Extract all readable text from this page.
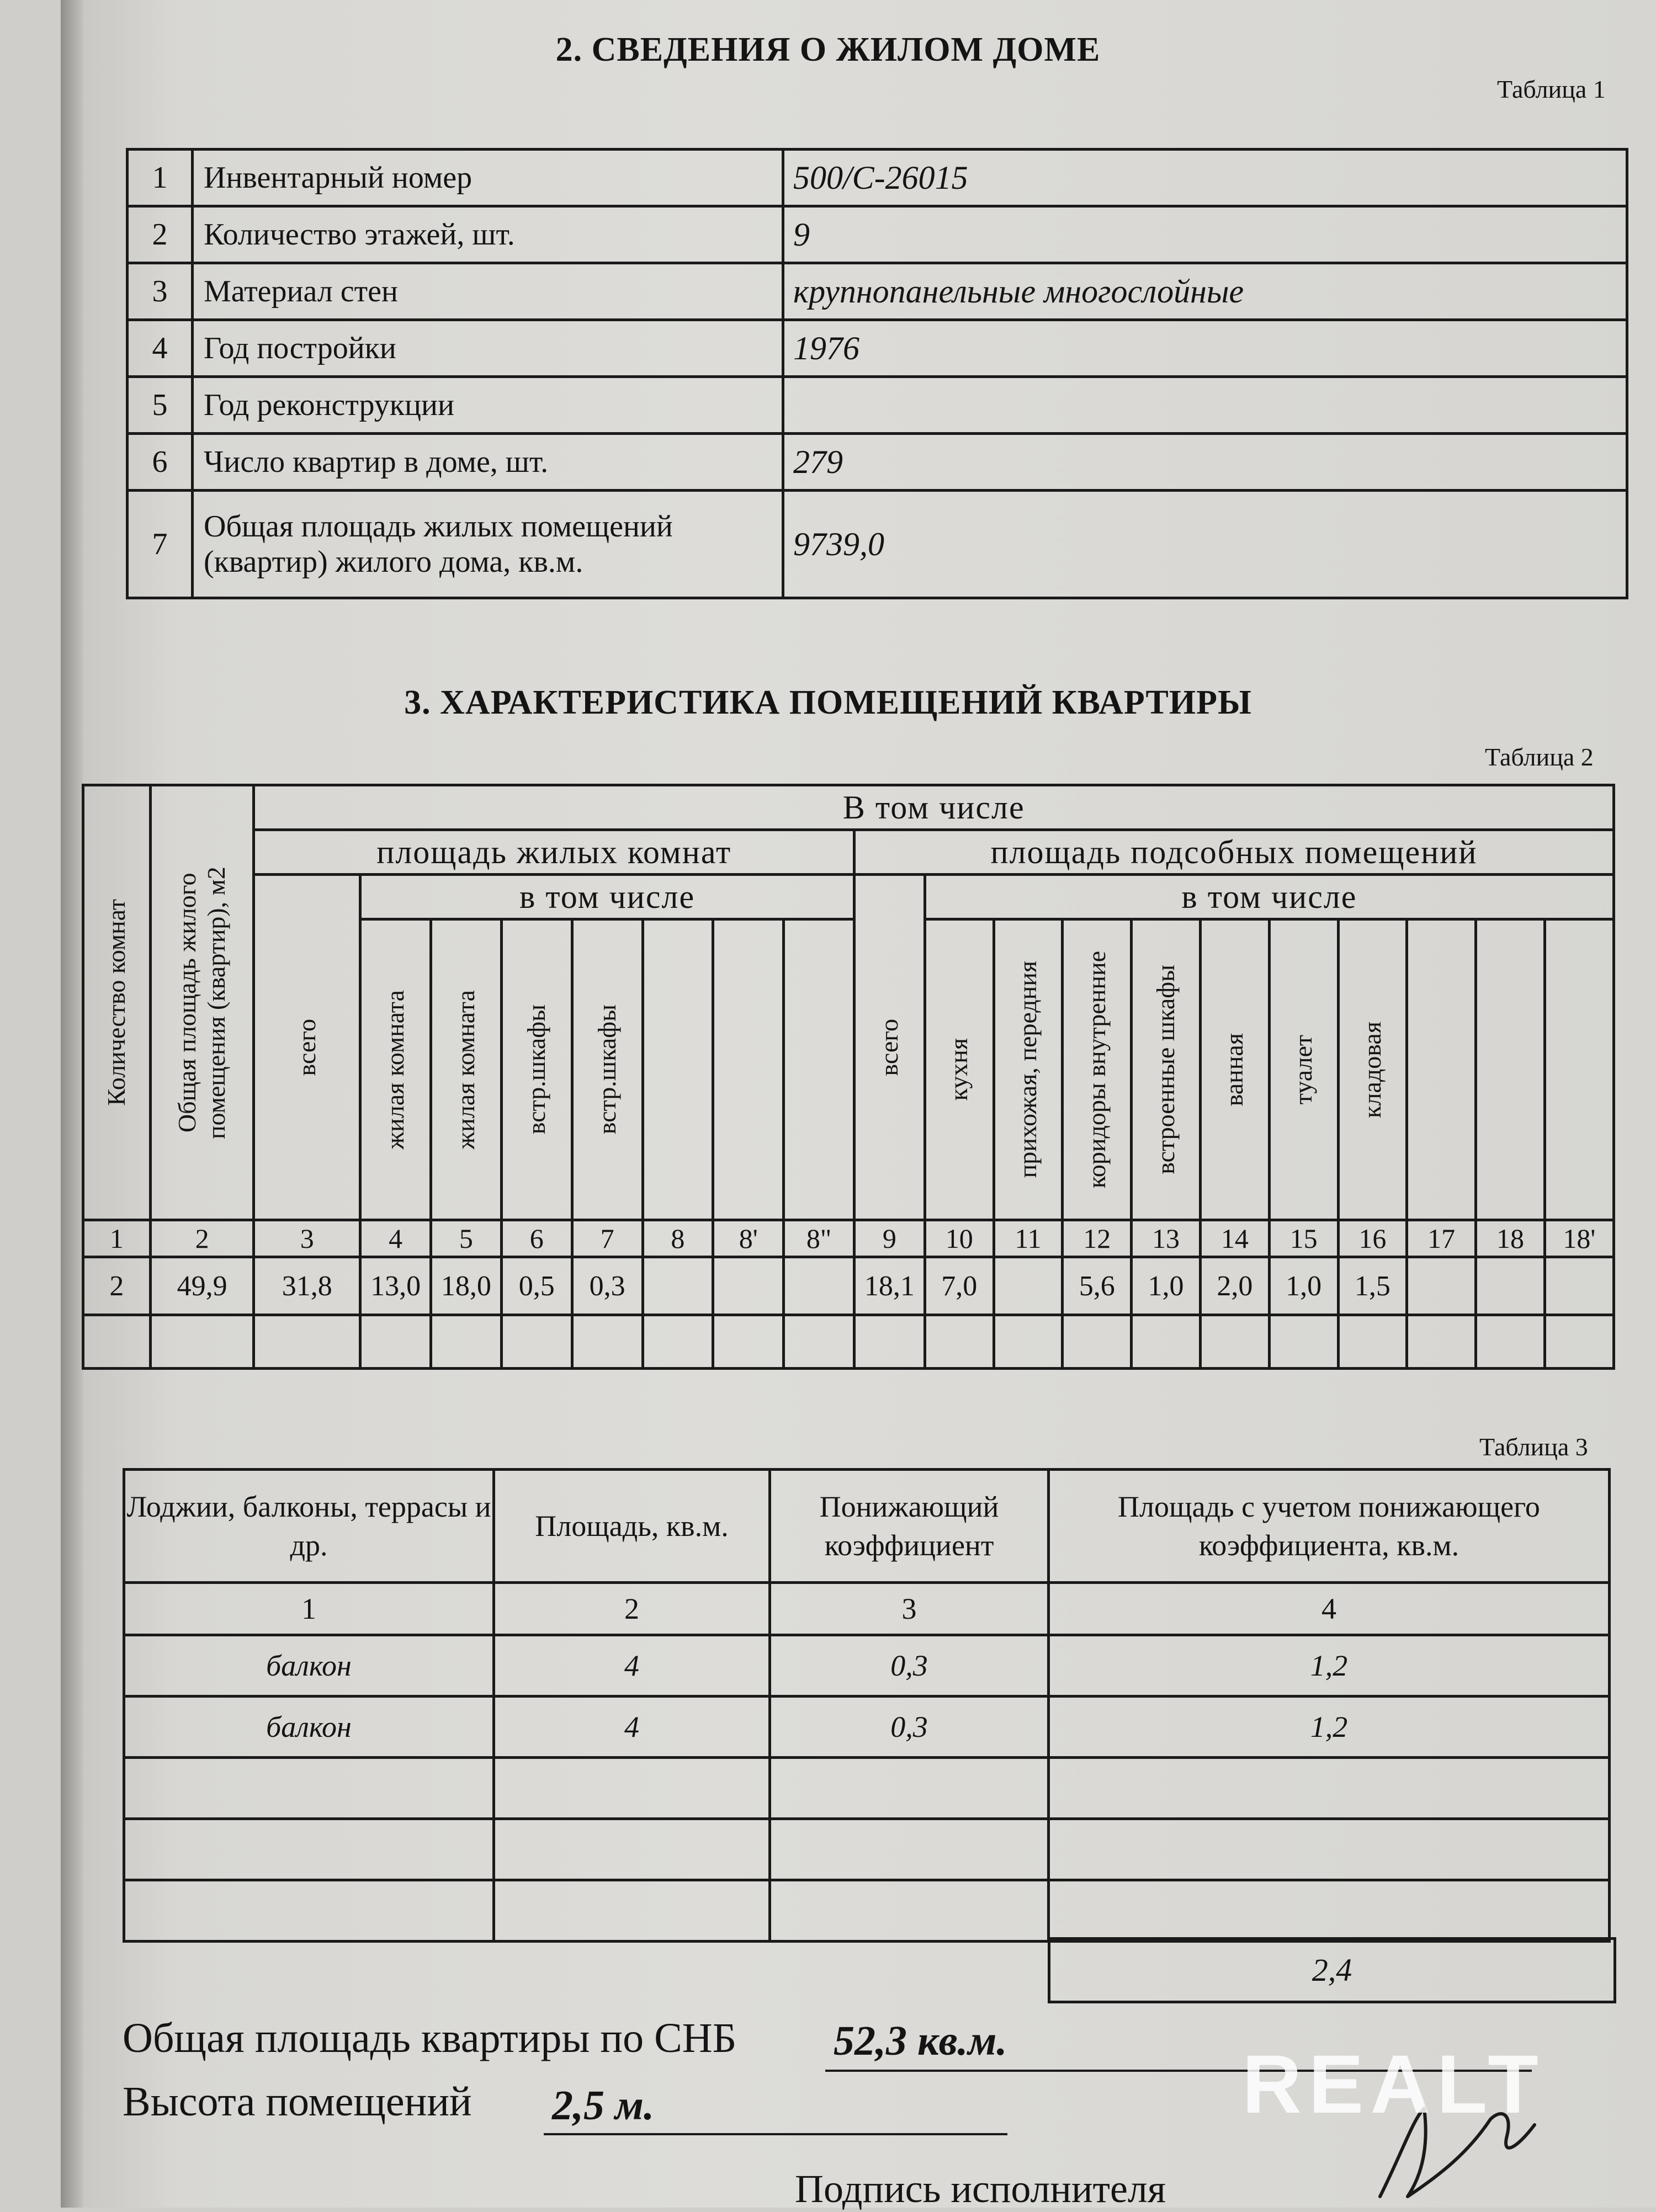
2. СВЕДЕНИЯ О ЖИЛОМ ДОМЕ
Таблица 1
1	Инвентарный номер	500/С-26015
2	Количество этажей, шт.	9
3	Материал стен	крупнопанельные многослойные
4	Год постройки	1976
5	Год реконструкции	
6	Число квартир в доме, шт.	279
7	Общая площадь жилых помещений (квартир) жилого дома, кв.м.	9739,0
3. ХАРАКТЕРИСТИКА ПОМЕЩЕНИЙ КВАРТИРЫ
Таблица 2
Количество комнат	Общая площадь жилого помещения (квартир), м2	В том числе																		
		площадь жилых комнат								площадь подсобных помещений										

		всего	в том числе							всего	в том числе									

			жилая комната	жилая комната	встр.шкафы	встр.шкафы					кухня	прихожая, передния	коридоры внутренние	встроенные шкафы	ванная	туалет	кладовая			

1	2	3	4	5	6	7	8	8'	8"	9	10	11	12	13	14	15	16	17	18	18'
2	49,9	31,8	13,0	18,0	0,5	0,3				18,1	7,0		5,6	1,0	2,0	1,0	1,5			

Таблица 3
Лоджии, балконы, террасы и др.	Площадь, кв.м.	Понижающий коэффициент	Площадь с учетом понижающего коэффициента, кв.м.
1	2	3	4
балкон	4	0,3	1,2
балкон	4	0,3	1,2

2,4
Общая площадь квартиры по СНБ 52,3 кв.м.
Высота помещений 2,5 м.
Подпись исполнителя
REALT
